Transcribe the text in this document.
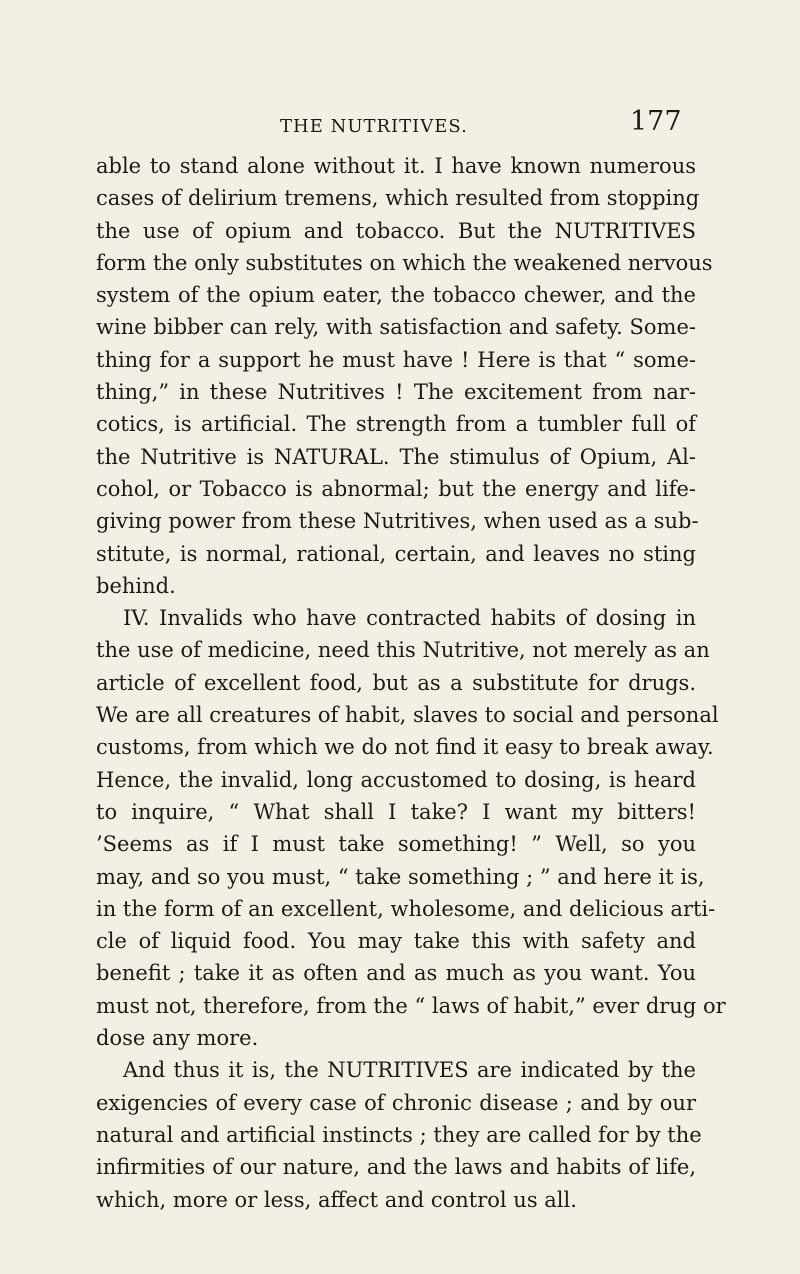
THE NUTRITIVES.	177
able to stand alone without it. I have known numerous
cases of delirium tremens, which resulted from stopping
the use of opium and tobacco. But the NUTRITIVES
form the only substitutes on which the weakened nervous
system of the opium eater, the tobacco chewer, and the
wine bibber can rely, with satisfaction and safety. Some-
thing for a support he must have ! Here is that “ some-
thing,” in these Nutritives ! The excitement from nar-
cotics, is artificial. The strength from a tumbler full of
the Nutritive is NATURAL. The stimulus of Opium, Al-
cohol, or Tobacco is abnormal; but the energy and life-
giving power from these Nutritives, when used as a sub-
stitute, is normal, rational, certain, and leaves no sting
behind.
IV. Invalids who have contracted habits of dosing in
the use of medicine, need this Nutritive, not merely as an
article of excellent food, but as a substitute for drugs.
We are all creatures of habit, slaves to social and personal
customs, from which we do not find it easy to break away.
Hence, the invalid, long accustomed to dosing, is heard
to inquire, “ What shall I take? I want my bitters!
’Seems as if I must take something! ” Well, so you
may, and so you must, “ take something ; ” and here it is,
in the form of an excellent, wholesome, and delicious arti-
cle of liquid food. You may take this with safety and
benefit ; take it as often and as much as you want. You
must not, therefore, from the “ laws of habit,” ever drug or
dose any more.
And thus it is, the NUTRITIVES are indicated by the
exigencies of every case of chronic disease ; and by our
natural and artificial instincts ; they are called for by the
infirmities of our nature, and the laws and habits of life,
which, more or less, affect and control us all.
